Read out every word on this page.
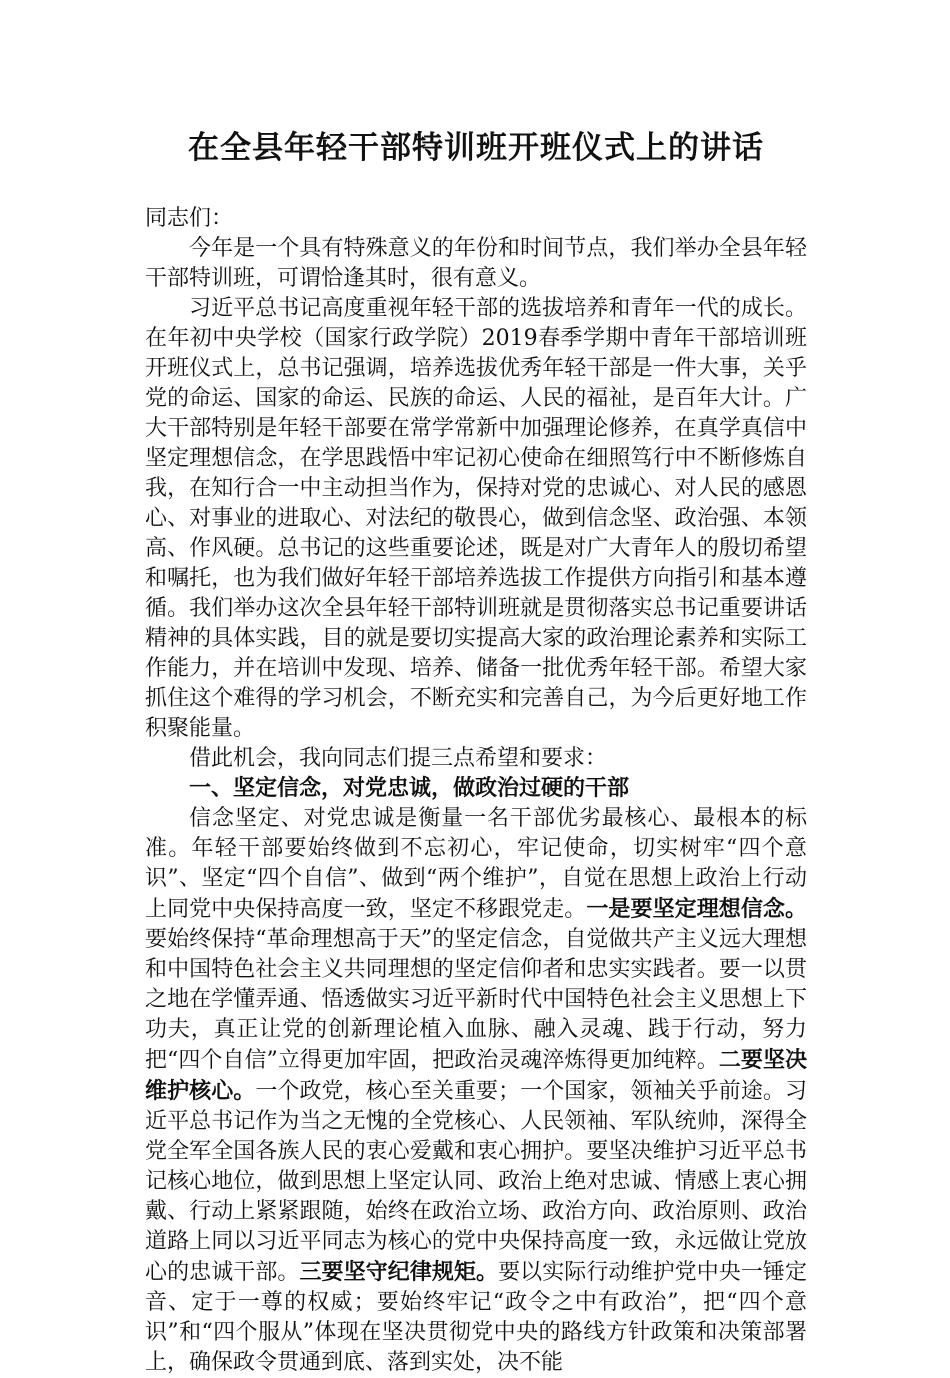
在全县年轻干部特训班开班仪式上的讲话

同志们：

今年是一个具有特殊意义的年份和时间节点，我们举办全县年轻干部特训班，可谓恰逢其时，很有意义。

习近平总书记高度重视年轻干部的选拔培养和青年一代的成长。在年初中央学校（国家行政学院）2019春季学期中青年干部培训班开班仪式上，总书记强调，培养选拔优秀年轻干部是一件大事，关乎党的命运、国家的命运、民族的命运、人民的福祉，是百年大计。广大干部特别是年轻干部要在常学常新中加强理论修养，在真学真信中坚定理想信念，在学思践悟中牢记初心使命在细照笃行中不断修炼自我，在知行合一中主动担当作为，保持对党的忠诚心、对人民的感恩心、对事业的进取心、对法纪的敬畏心，做到信念坚、政治强、本领高、作风硬。总书记的这些重要论述，既是对广大青年人的殷切希望和嘱托，也为我们做好年轻干部培养选拔工作提供方向指引和基本遵循。我们举办这次全县年轻干部特训班就是贯彻落实总书记重要讲话精神的具体实践，目的就是要切实提高大家的政治理论素养和实际工作能力，并在培训中发现、培养、储备一批优秀年轻干部。希望大家抓住这个难得的学习机会，不断充实和完善自己，为今后更好地工作积聚能量。

借此机会，我向同志们提三点希望和要求：

一、坚定信念，对党忠诚，做政治过硬的干部

信念坚定、对党忠诚是衡量一名干部优劣最核心、最根本的标准。年轻干部要始终做到不忘初心，牢记使命，切实树牢“四个意识”、坚定“四个自信”、做到“两个维护”，自觉在思想上政治上行动上同党中央保持高度一致，坚定不移跟党走。一是要坚定理想信念。要始终保持“革命理想高于天”的坚定信念，自觉做共产主义远大理想和中国特色社会主义共同理想的坚定信仰者和忠实实践者。要一以贯之地在学懂弄通、悟透做实习近平新时代中国特色社会主义思想上下功夫，真正让党的创新理论植入血脉、融入灵魂、践于行动，努力把“四个自信”立得更加牢固，把政治灵魂淬炼得更加纯粹。二要坚决维护核心。一个政党，核心至关重要；一个国家，领袖关乎前途。习近平总书记作为当之无愧的全党核心、人民领袖、军队统帅，深得全党全军全国各族人民的衷心爱戴和衷心拥护。要坚决维护习近平总书记核心地位，做到思想上坚定认同、政治上绝对忠诚、情感上衷心拥戴、行动上紧紧跟随，始终在政治立场、政治方向、政治原则、政治道路上同以习近平同志为核心的党中央保持高度一致，永远做让党放心的忠诚干部。三要坚守纪律规矩。要以实际行动维护党中央一锤定音、定于一尊的权威；要始终牢记“政令之中有政治”，把“四个意识”和“四个服从”体现在坚决贯彻党中央的路线方针政策和决策部署上，确保政令贯通到底、落到实处，决不能
